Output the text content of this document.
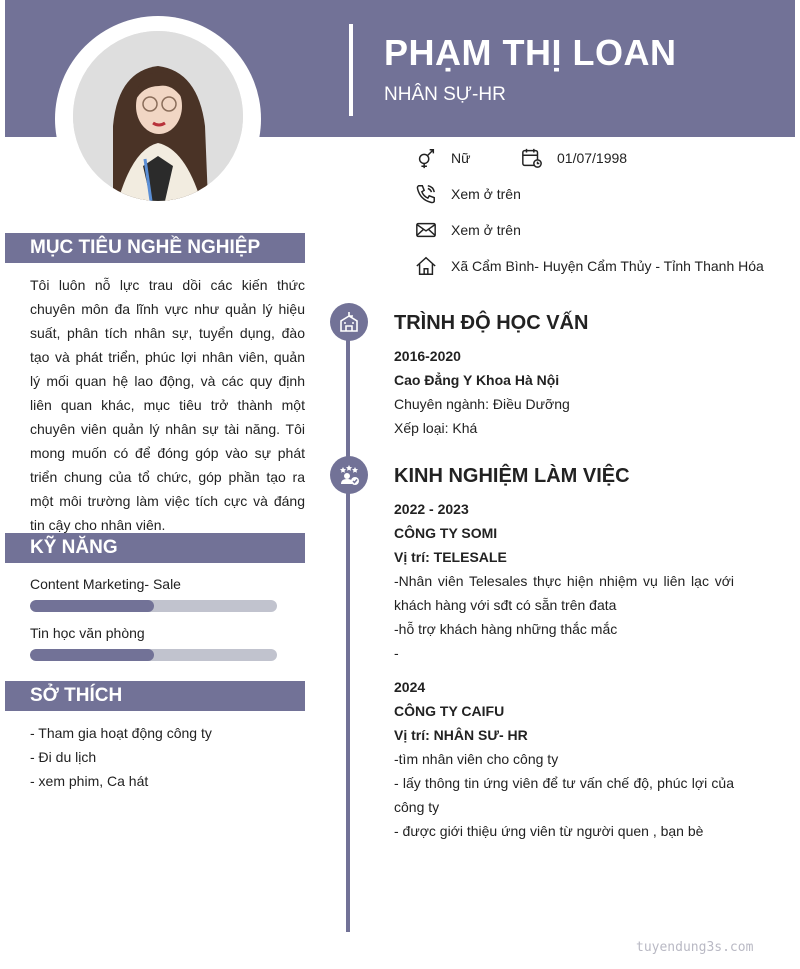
PHẠM THỊ LOAN
NHÂN SỰ-HR
Nữ	01/07/1998
Xem ở trên
Xem ở trên
Xã Cẩm Bình- Huyện Cẩm Thủy - Tỉnh Thanh Hóa
MỤC TIÊU NGHỀ NGHIỆP
Tôi luôn nỗ lực trau dồi các kiến thức chuyên môn đa lĩnh vực như quản lý hiệu suất, phân tích nhân sự, tuyển dụng, đào tạo và phát triển, phúc lợi nhân viên, quản lý mối quan hệ lao động, và các quy định liên quan khác, mục tiêu trở thành một chuyên viên quản lý nhân sự tài năng. Tôi mong muốn có để đóng góp vào sự phát triển chung của tổ chức, góp phần tạo ra một môi trường làm việc tích cực và đáng tin cậy cho nhân viên.
KỸ NĂNG
Content Marketing- Sale
Tin học văn phòng
SỞ THÍCH
- Tham gia hoạt động công ty
- Đi du lịch
- xem phim, Ca hát
TRÌNH ĐỘ HỌC VẤN
2016-2020
Cao Đẳng Y Khoa Hà Nội
Chuyên ngành: Điều Dưỡng
Xếp loại: Khá
KINH NGHIỆM LÀM VIỆC
2022 - 2023
CÔNG TY SOMI
Vị trí: TELESALE
-Nhân viên Telesales thực hiện nhiệm vụ liên lạc với khách hàng với sđt có sẵn trên đata
-hỗ trợ khách hàng những thắc mắc
-
2024
CÔNG TY CAIFU
Vị trí: NHÂN SƯ- HR
-tìm nhân viên cho công ty
- lấy thông tin ứng viên để tư vấn chế độ, phúc lợi của công ty
- được giới thiệu ứng viên từ người quen , bạn bè
tuyendung3s.com
